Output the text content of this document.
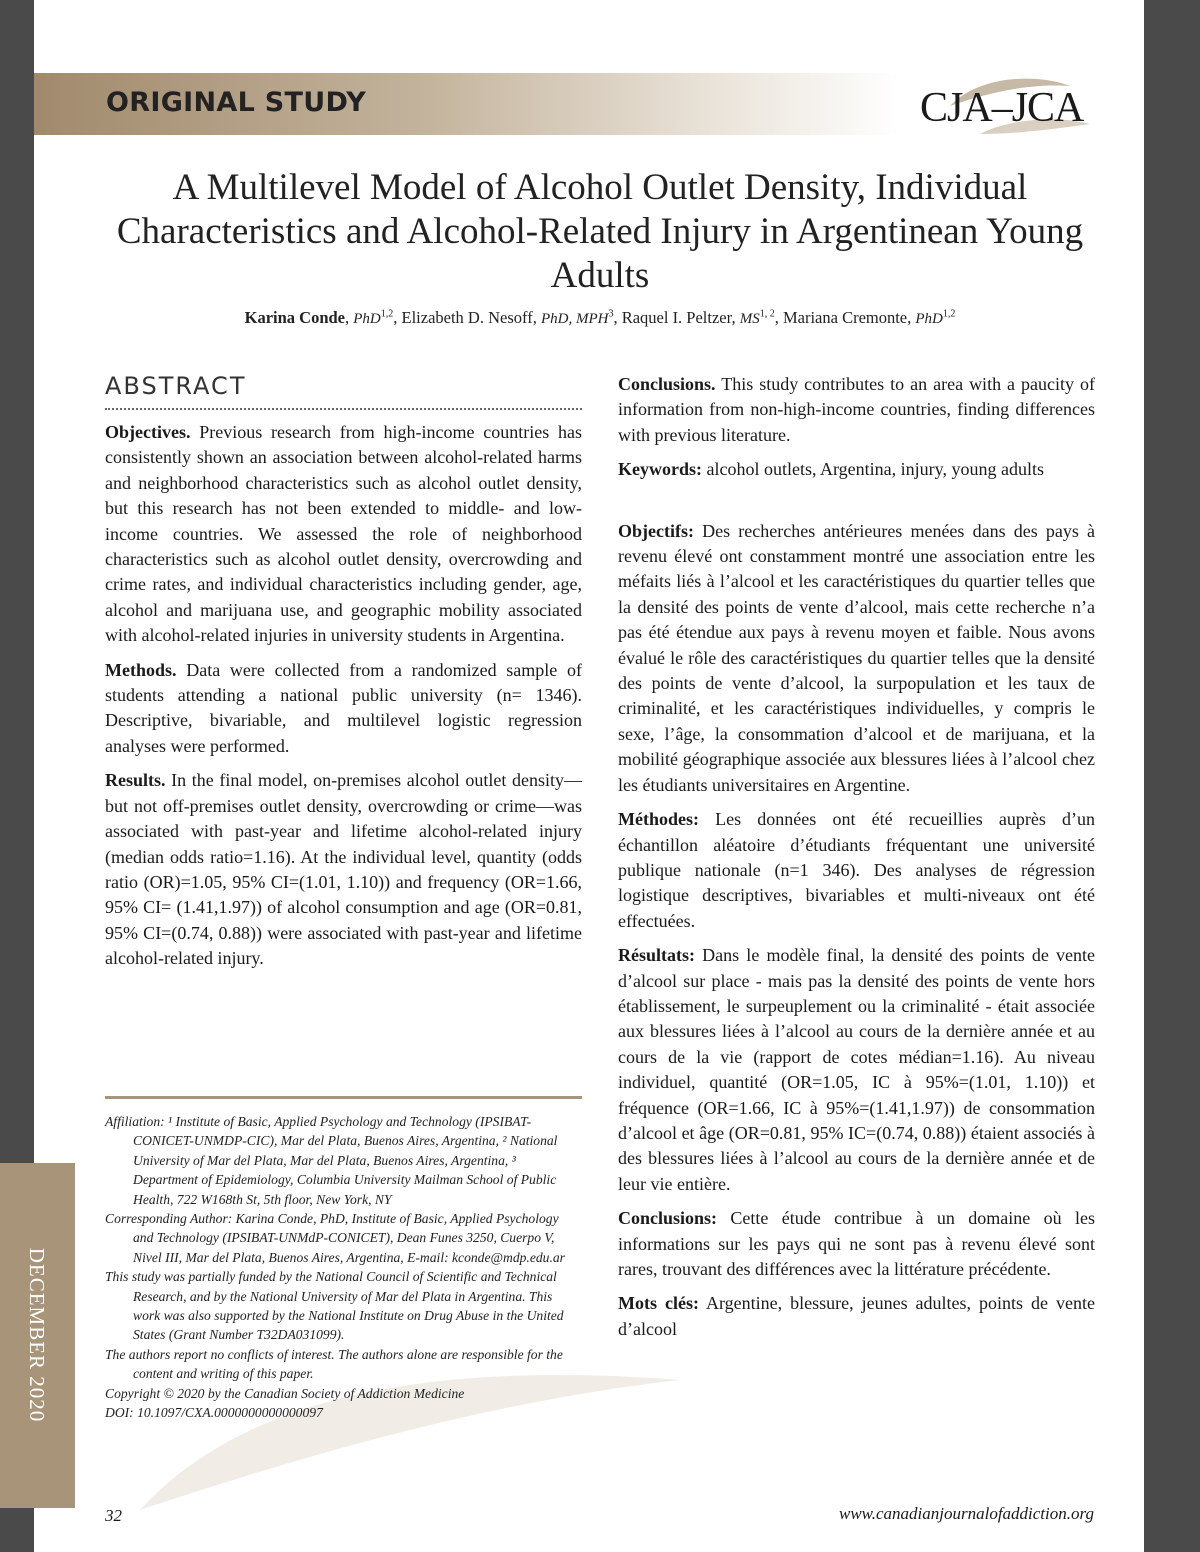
ORIGINAL STUDY	CJA–JCA
A Multilevel Model of Alcohol Outlet Density, Individual Characteristics and Alcohol-Related Injury in Argentinean Young Adults
Karina Conde, PhD$^{1,2}$, Elizabeth D. Nesoff, PhD, MPH$^3$, Raquel I. Peltzer, MS$^{1, 2}$, Mariana Cremonte, PhD$^{1,2}$
ABSTRACT

Objectives. Previous research from high-income countries has consistently shown an association between alcohol-related harms and neighborhood characteristics such as alcohol outlet density, but this research has not been extended to middle- and low-income countries. We assessed the role of neighborhood characteristics such as alcohol outlet density, overcrowding and crime rates, and individual characteristics including gender, age, alcohol and marijuana use, and geographic mobility associated with alcohol-related injuries in university students in Argentina.

Methods. Data were collected from a randomized sample of students attending a national public university (n= 1346). Descriptive, bivariable, and multilevel logistic regression analyses were performed.

Results. In the final model, on-premises alcohol outlet density—but not off-premises outlet density, overcrowding or crime—was associated with past-year and lifetime alcohol-related injury (median odds ratio=1.16). At the individual level, quantity (odds ratio (OR)=1.05, 95% CI=(1.01, 1.10)) and frequency (OR=1.66, 95% CI= (1.41,1.97)) of alcohol consumption and age (OR=0.81, 95% CI=(0.74, 0.88)) were associated with past-year and lifetime alcohol-related injury.

Conclusions. This study contributes to an area with a paucity of information from non-high-income countries, finding differences with previous literature.

Keywords: alcohol outlets, Argentina, injury, young adults

Objectifs: Des recherches antérieures menées dans des pays à revenu élevé ont constamment montré une association entre les méfaits liés à l’alcool et les caractéristiques du quartier telles que la densité des points de vente d’alcool, mais cette recherche n’a pas été étendue aux pays à revenu moyen et faible. Nous avons évalué le rôle des caractéristiques du quartier telles que la densité des points de vente d’alcool, la surpopulation et les taux de criminalité, et les caractéristiques individuelles, y compris le sexe, l’âge, la consommation d’alcool et de marijuana, et la mobilité géographique associée aux blessures liées à l’alcool chez les étudiants universitaires en Argentine.

Méthodes: Les données ont été recueillies auprès d’un échantillon aléatoire d’étudiants fréquentant une université publique nationale (n=1 346). Des analyses de régression logistique descriptives, bivariables et multi-niveaux ont été effectuées.

Résultats: Dans le modèle final, la densité des points de vente d’alcool sur place - mais pas la densité des points de vente hors établissement, le surpeuplement ou la criminalité - était associée aux blessures liées à l’alcool au cours de la dernière année et au cours de la vie (rapport de cotes médian=1.16). Au niveau individuel, quantité (OR=1.05, IC à 95%=(1.01, 1.10)) et fréquence (OR=1.66, IC à 95%=(1.41,1.97)) de consommation d’alcool et âge (OR=0.81, 95% IC=(0.74, 0.88)) étaient associés à des blessures liées à l’alcool au cours de la dernière année et de leur vie entière.

Conclusions: Cette étude contribue à un domaine où les informations sur les pays qui ne sont pas à revenu élevé sont rares, trouvant des différences avec la littérature précédente.

Mots clés: Argentine, blessure, jeunes adultes, points de vente d’alcool

Affiliation: ¹ Institute of Basic, Applied Psychology and Technology (IPSIBAT-CONICET-UNMDP-CIC), Mar del Plata, Buenos Aires, Argentina, ² National University of Mar del Plata, Mar del Plata, Buenos Aires, Argentina, ³ Department of Epidemiology, Columbia University Mailman School of Public Health, 722 W168th St, 5th floor, New York, NY

Corresponding Author: Karina Conde, PhD, Institute of Basic, Applied Psychology and Technology (IPSIBAT-UNMdP-CONICET), Dean Funes 3250, Cuerpo V, Nivel III, Mar del Plata, Buenos Aires, Argentina, E-mail: kconde@mdp.edu.ar

This study was partially funded by the National Council of Scientific and Technical Research, and by the National University of Mar del Plata in Argentina. This work was also supported by the National Institute on Drug Abuse in the United States (Grant Number T32DA031099).

The authors report no conflicts of interest. The authors alone are responsible for the content and writing of this paper.

Copyright © 2020 by the Canadian Society of Addiction Medicine

DOI: 10.1097/CXA.0000000000000097

DECEMBER 2020
32	www.canadianjournalofaddiction.org
